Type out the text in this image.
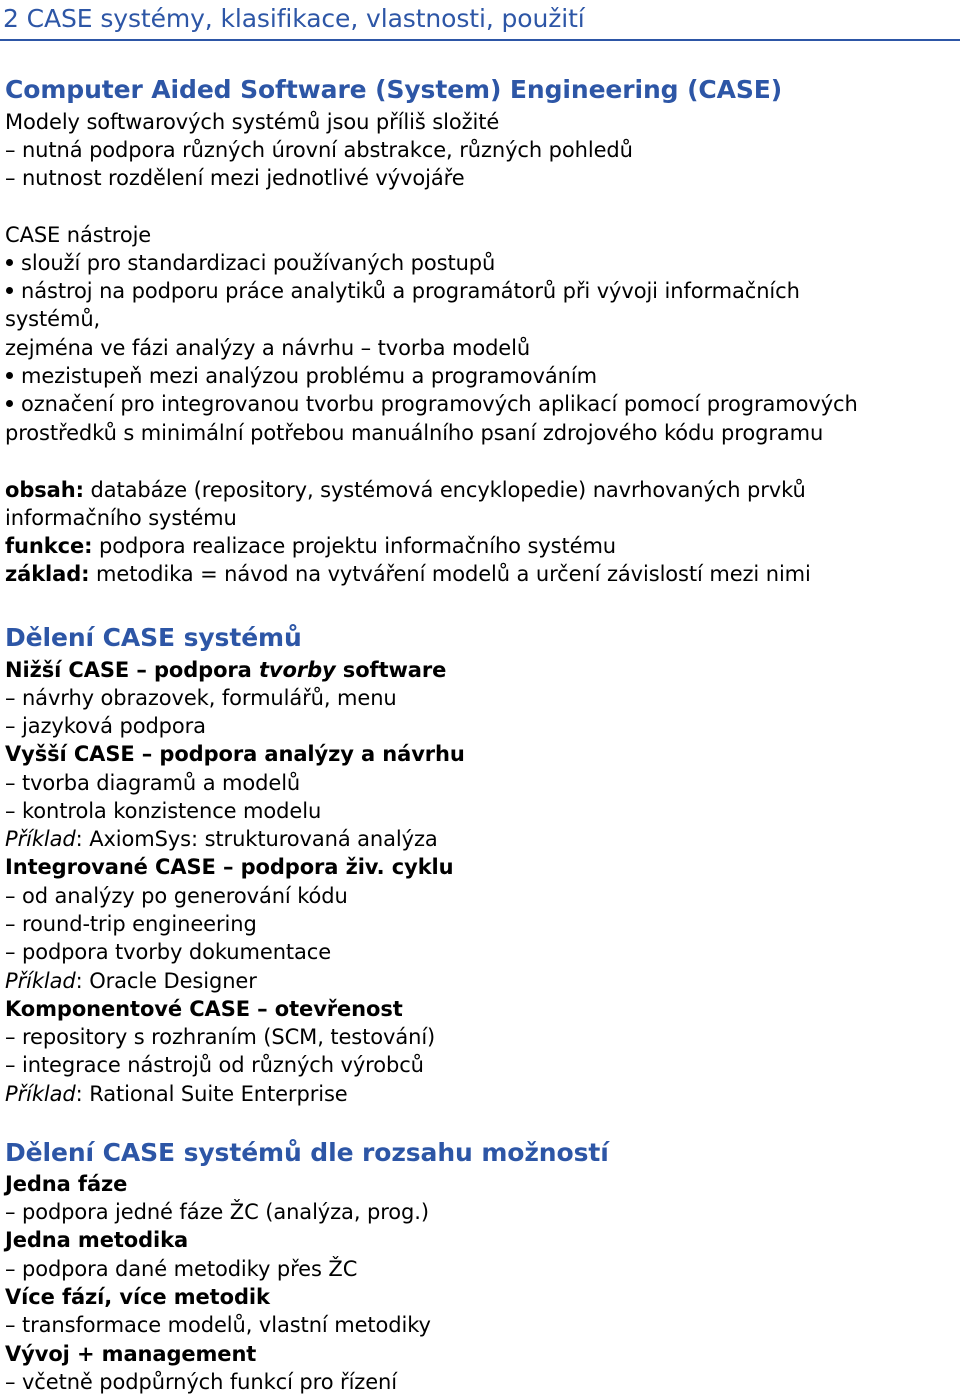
2 CASE systémy, klasifikace, vlastnosti, použití
Computer Aided Software (System) Engineering (CASE)
Modely softwarových systémů jsou příliš složité
– nutná podpora různých úrovní abstrakce, různých pohledů
– nutnost rozdělení mezi jednotlivé vývojáře
CASE nástroje
slouží pro standardizaci používaných postupů
nástroj na podporu práce analytiků a programátorů při vývoji informačních
systémů,
zejména ve fázi analýzy a návrhu – tvorba modelů
mezistupeň mezi analýzou problému a programováním
označení pro integrovanou tvorbu programových aplikací pomocí programových
prostředků s minimální potřebou manuálního psaní zdrojového kódu programu
obsah: databáze (repository, systémová encyklopedie) navrhovaných prvků
informačního systému
funkce: podpora realizace projektu informačního systému
základ: metodika = návod na vytváření modelů a určení závislostí mezi nimi
Dělení CASE systémů
Nižší CASE – podpora tvorby software
– návrhy obrazovek, formulářů, menu
– jazyková podpora
Vyšší CASE – podpora analýzy a návrhu
– tvorba diagramů a modelů
– kontrola konzistence modelu
Příklad: AxiomSys: strukturovaná analýza
Integrované CASE – podpora živ. cyklu
– od analýzy po generování kódu
– round-trip engineering
– podpora tvorby dokumentace
Příklad: Oracle Designer
Komponentové CASE – otevřenost
– repository s rozhraním (SCM, testování)
– integrace nástrojů od různých výrobců
Příklad: Rational Suite Enterprise
Dělení CASE systémů dle rozsahu možností
Jedna fáze
– podpora jedné fáze ŽC (analýza, prog.)
Jedna metodika
– podpora dané metodiky přes ŽC
Více fází, více metodik
– transformace modelů, vlastní metodiky
Vývoj + management
– včetně podpůrných funkcí pro řízení
